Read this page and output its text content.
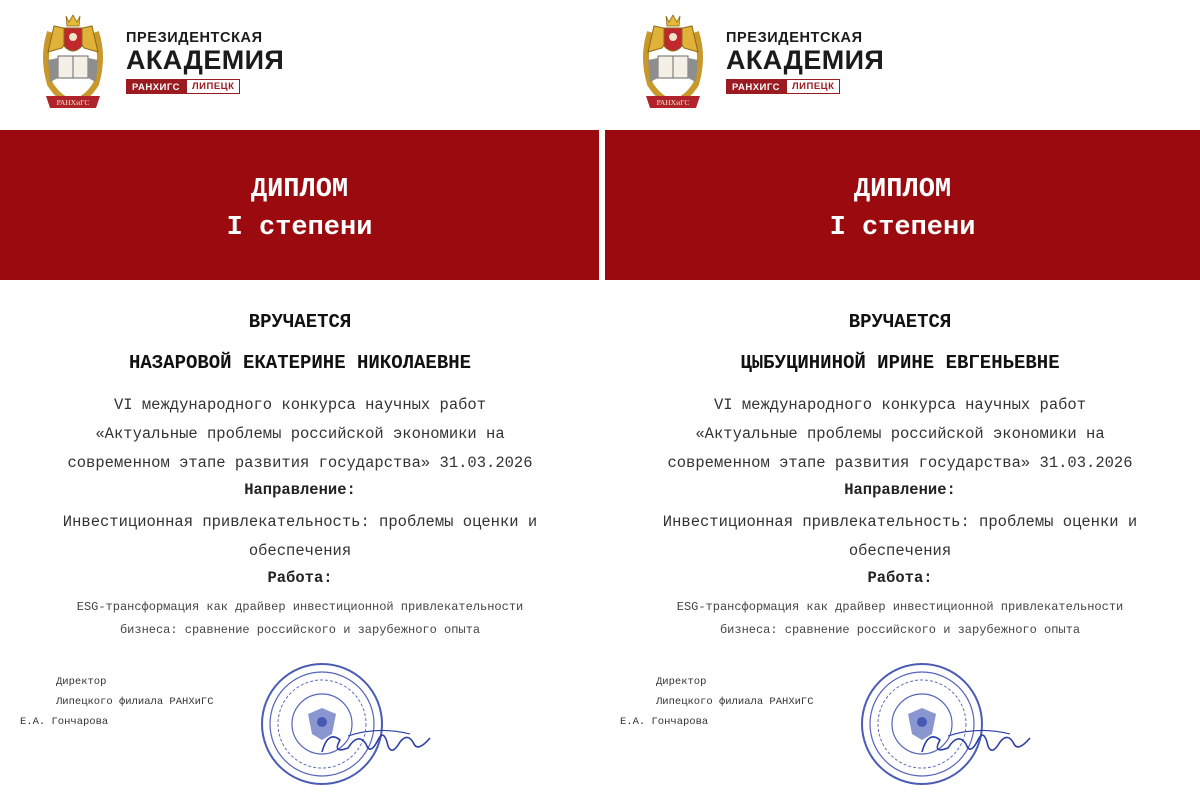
РАНХиГС
ПРЕЗИДЕНТСКАЯ
АКАДЕМИЯ
РАНХИГС	ЛИПЕЦК
ДИПЛОМ
I степени
ВРУЧАЕТСЯ
НАЗАРОВОЙ ЕКАТЕРИНЕ НИКОЛАЕВНЕ
VI международного конкурса научных работ
«Актуальные проблемы российской экономики на
современном этапе развития государства» 31.03.2026
Направление:
Инвестиционная привлекательность: проблемы оценки и
обеспечения
Работа:
ESG-трансформация как драйвер инвестиционной привлекательности
бизнеса: сравнение российского и зарубежного опыта
Директор
Липецкого филиала РАНХиГС
Е.А. Гончарова
РАНХиГС
ПРЕЗИДЕНТСКАЯ
АКАДЕМИЯ
РАНХИГС	ЛИПЕЦК
ДИПЛОМ
I степени
ВРУЧАЕТСЯ
ЦЫБУЦИНИНОЙ ИРИНЕ ЕВГЕНЬЕВНЕ
VI международного конкурса научных работ
«Актуальные проблемы российской экономики на
современном этапе развития государства» 31.03.2026
Направление:
Инвестиционная привлекательность: проблемы оценки и
обеспечения
Работа:
ESG-трансформация как драйвер инвестиционной привлекательности
бизнеса: сравнение российского и зарубежного опыта
Директор
Липецкого филиала РАНХиГС
Е.А. Гончарова
